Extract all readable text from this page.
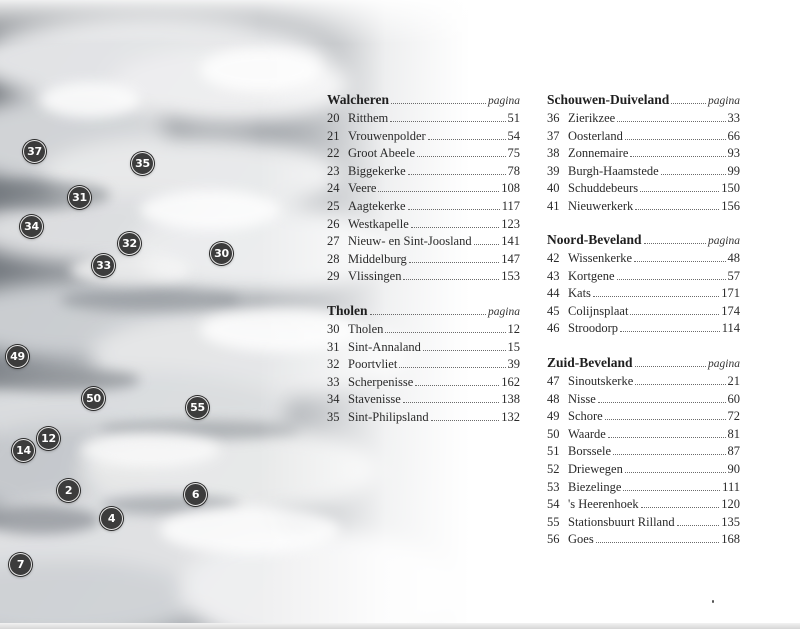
37
35
31
34
32
30
33
49
50
55
12
14
2	6
4
7
Walcheren	pagina
20 Ritthem	51
21 Vrouwenpolder	54
22 Groot Abeele	75
23 Biggekerke	78
24 Veere	108
25 Aagtekerke	117
26 Westkapelle	123
27 Nieuw- en Sint-Joosland 141
28 Middelburg	147
29 Vlissingen	153
Tholen	pagina
30 Tholen	12
31 Sint-Annaland	15
32 Poortvliet	39
33 Scherpenisse	162
34 Stavenisse	138
35 Sint-Philipsland	132
Schouwen-Duiveland	pagina
36 Zierikzee	33
37 Oosterland	66
38 Zonnemaire	93
39 Burgh-Haamstede	99
40 Schuddebeurs	150
41 Nieuwerkerk	156
Noord-Beveland	pagina
42 Wissenkerke	48
43 Kortgene	57
44 Kats	171
45 Colijnsplaat	174
46 Stroodorp	114
Zuid-Beveland	pagina
47 Sinoutskerke	21
48 Nisse	60
49 Schore	72
50 Waarde	81
51 Borssele	87
52 Driewegen	90
53 Biezelinge	111
54 's Heerenhoek	120
55 Stationsbuurt Rilland	135
56 Goes	168
